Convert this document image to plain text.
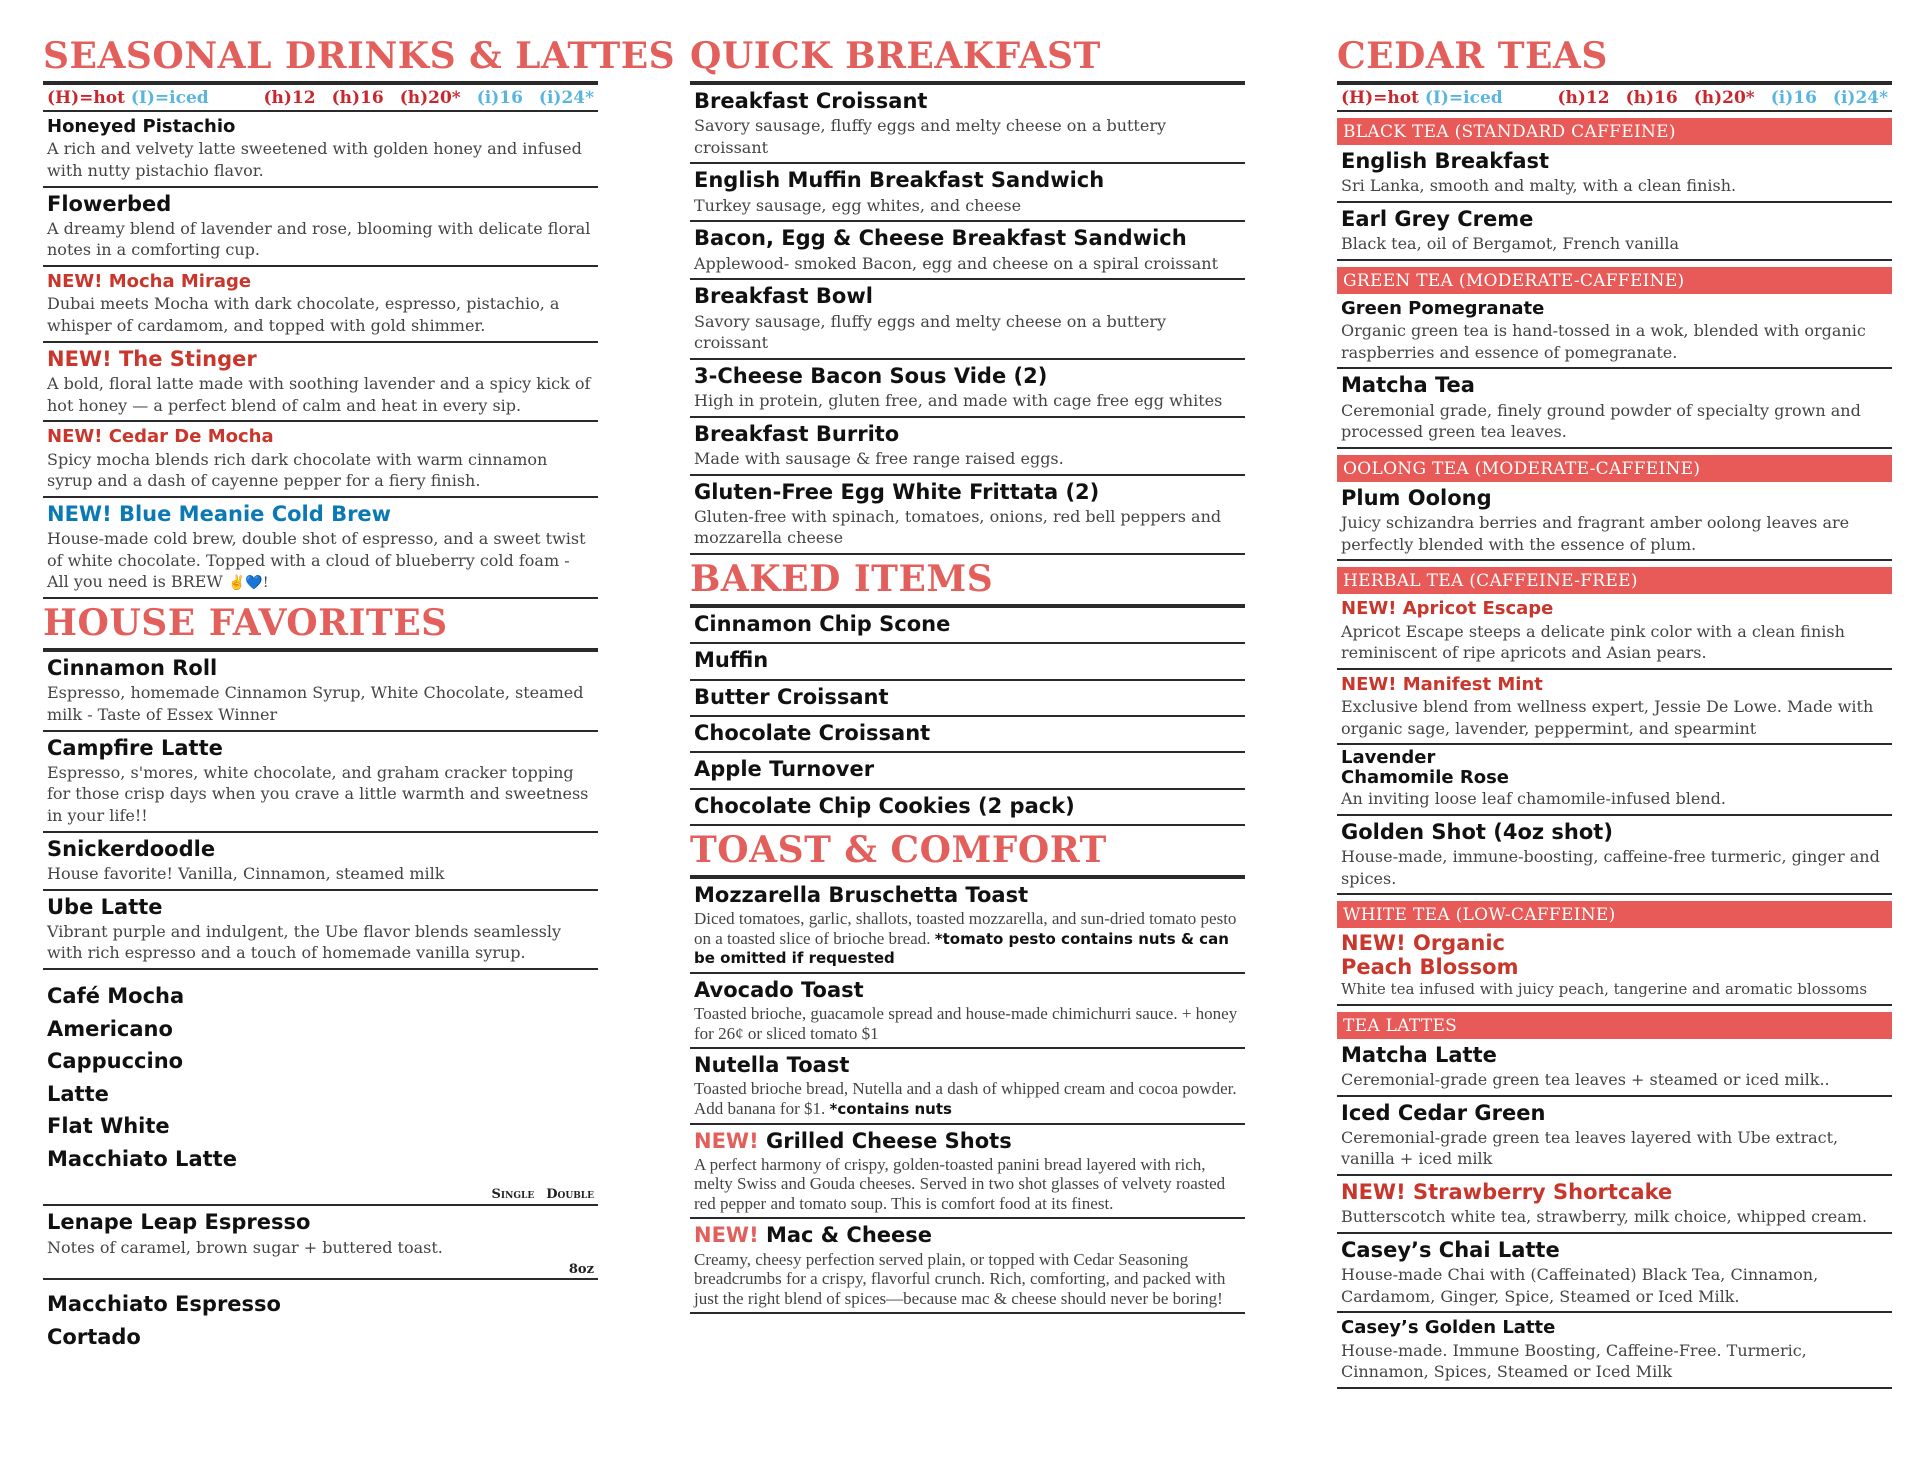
SEASONAL DRINKS & LATTES
(H)=hot
(I)=iced	(h)12 (h)16 (h)20* (i)16 (i)24*
Honeyed Pistachio
A rich and velvety latte sweetened with golden honey and infused with nutty pistachio flavor.
Flowerbed
A dreamy blend of lavender and rose, blooming with delicate floral notes in a comforting cup.
NEW! Mocha Mirage
Dubai meets Mocha with dark chocolate, espresso, pistachio, a whisper of cardamom, and topped with gold shimmer.
NEW! The Stinger
A bold, floral latte made with soothing lavender and a spicy kick of hot honey — a perfect blend of calm and heat in every sip.
NEW! Cedar De Mocha
Spicy mocha blends rich dark chocolate with warm cinnamon syrup and a dash of cayenne pepper for a fiery finish.
NEW! Blue Meanie Cold Brew
House-made cold brew, double shot of espresso, and a sweet twist of white chocolate. Topped with a cloud of blueberry cold foam - All you need is BREW ✌💙!
HOUSE FAVORITES
Cinnamon Roll
Espresso, homemade Cinnamon Syrup, White Chocolate, steamed milk - Taste of Essex Winner
Campfire Latte
Espresso, s'mores, white chocolate, and graham cracker topping for those crisp days when you crave a little warmth and sweetness in your life!!
Snickerdoodle
House favorite! Vanilla, Cinnamon, steamed milk
Ube Latte
Vibrant purple and indulgent, the Ube flavor blends seamlessly with rich espresso and a touch of homemade vanilla syrup.
Café Mocha
Americano
Cappuccino
Latte
Flat White
Macchiato Latte
Single Double
Lenape Leap Espresso
Notes of caramel, brown sugar + buttered toast.
8oz
Macchiato Espresso
Cortado
QUICK BREAKFAST
Breakfast Croissant
Savory sausage, fluffy eggs and melty cheese on a buttery croissant
English Muffin Breakfast Sandwich
Turkey sausage, egg whites, and cheese
Bacon, Egg & Cheese Breakfast Sandwich
Applewood- smoked Bacon, egg and cheese on a spiral croissant
Breakfast Bowl
Savory sausage, fluffy eggs and melty cheese on a buttery croissant
3-Cheese Bacon Sous Vide (2)
High in protein, gluten free, and made with cage free egg whites
Breakfast Burrito
Made with sausage & free range raised eggs.
Gluten-Free Egg White Frittata (2)
Gluten-free with spinach, tomatoes, onions, red bell peppers and mozzarella cheese
BAKED ITEMS
Cinnamon Chip Scone
Muffin
Butter Croissant
Chocolate Croissant
Apple Turnover
Chocolate Chip Cookies (2 pack)
TOAST & COMFORT
Mozzarella Bruschetta Toast
Diced tomatoes, garlic, shallots, toasted mozzarella, and sun-dried tomato pesto on a toasted slice of brioche bread. *tomato pesto contains nuts & can be omitted if requested
Avocado Toast
Toasted brioche, guacamole spread and house-made chimichurri sauce. + honey for 26¢ or sliced tomato $1
Nutella Toast
Toasted brioche bread, Nutella and a dash of whipped cream and cocoa powder. Add banana for $1. *contains nuts
NEW! Grilled Cheese Shots
A perfect harmony of crispy, golden-toasted panini bread layered with rich, melty Swiss and Gouda cheeses. Served in two shot glasses of velvety roasted red pepper and tomato soup. This is comfort food at its finest.
NEW! Mac & Cheese
Creamy, cheesy perfection served plain, or topped with Cedar Seasoning breadcrumbs for a crispy, flavorful crunch. Rich, comforting, and packed with just the right blend of spices—because mac & cheese should never be boring!
CEDAR TEAS
(H)=hot
(I)=iced	(h)12 (h)16 (h)20* (i)16 (i)24*
BLACK TEA (STANDARD CAFFEINE)
English Breakfast
Sri Lanka, smooth and malty, with a clean finish.
Earl Grey Creme
Black tea, oil of Bergamot, French vanilla
GREEN TEA (MODERATE-CAFFEINE)
Green Pomegranate
Organic green tea is hand-tossed in a wok, blended with organic raspberries and essence of pomegranate.
Matcha Tea
Ceremonial grade, finely ground powder of specialty grown and processed green tea leaves.
OOLONG TEA (MODERATE-CAFFEINE)
Plum Oolong
Juicy schizandra berries and fragrant amber oolong leaves are perfectly blended with the essence of plum.
HERBAL TEA (CAFFEINE-FREE)
NEW! Apricot Escape
Apricot Escape steeps a delicate pink color with a clean finish reminiscent of ripe apricots and Asian pears.
NEW! Manifest Mint
Exclusive blend from wellness expert, Jessie De Lowe. Made with organic sage, lavender, peppermint, and spearmint
Lavender
Chamomile Rose
An inviting loose leaf chamomile-infused blend.
Golden Shot (4oz shot)
House-made, immune-boosting, caffeine-free turmeric, ginger and spices.
WHITE TEA (LOW-CAFFEINE)
NEW! Organic
Peach Blossom
White tea infused with juicy peach, tangerine and aromatic blossoms
TEA LATTES
Matcha Latte
Ceremonial-grade green tea leaves + steamed or iced milk..
Iced Cedar Green
Ceremonial-grade green tea leaves layered with Ube extract, vanilla + iced milk
NEW! Strawberry Shortcake
Butterscotch white tea, strawberry, milk choice, whipped cream.
Casey’s Chai Latte
House-made Chai with (Caffeinated) Black Tea, Cinnamon, Cardamom, Ginger, Spice, Steamed or Iced Milk.
Casey’s Golden Latte
House-made. Immune Boosting, Caffeine-Free. Turmeric, Cinnamon, Spices, Steamed or Iced Milk
